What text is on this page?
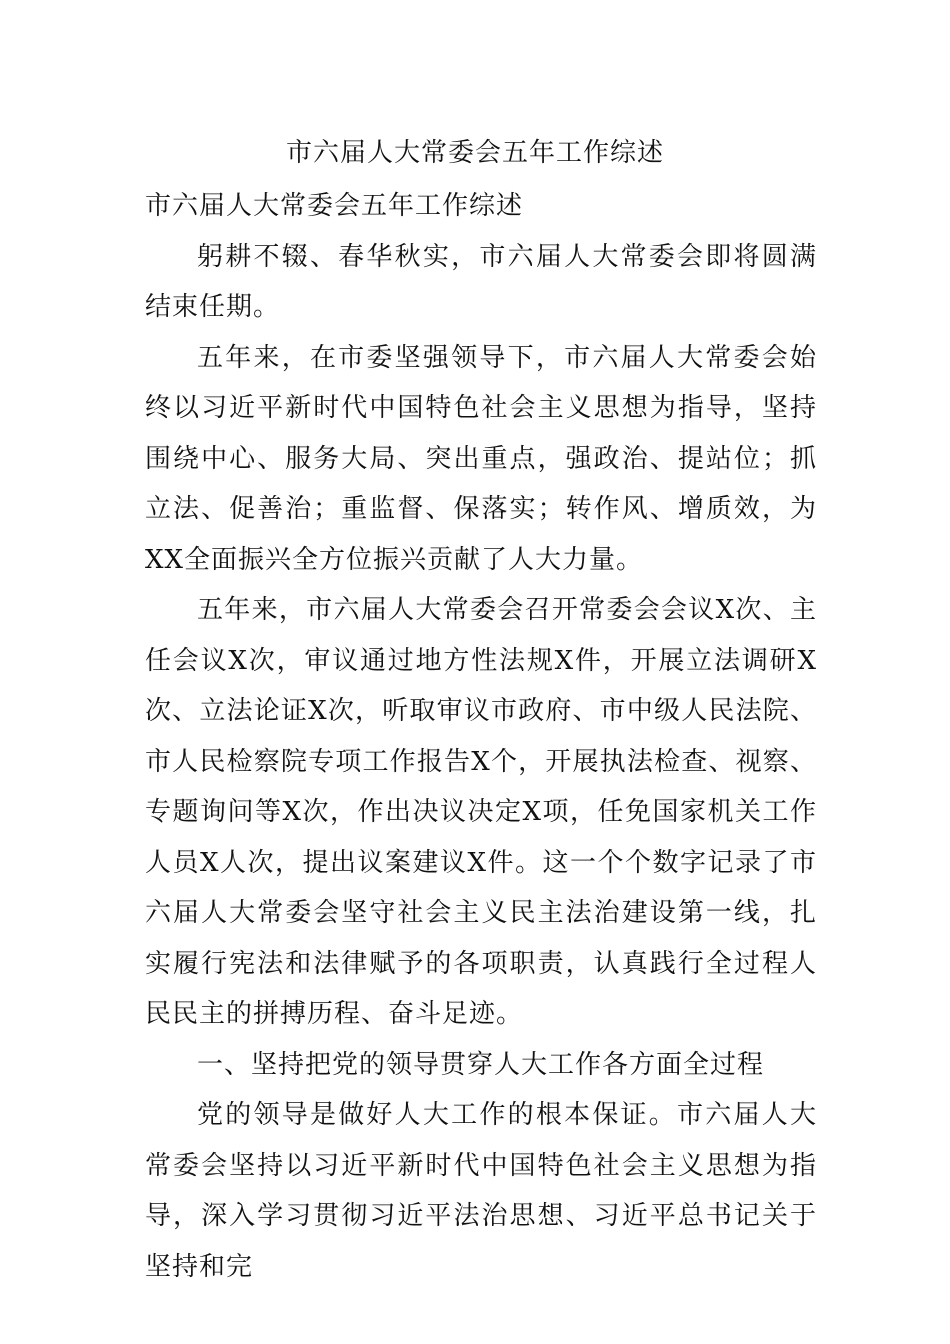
市六届人大常委会五年工作综述

市六届人大常委会五年工作综述

躬耕不辍、春华秋实，市六届人大常委会即将圆满结束任期。

五年来，在市委坚强领导下，市六届人大常委会始终以习近平新时代中国特色社会主义思想为指导，坚持围绕中心、服务大局、突出重点，强政治、提站位；抓立法、促善治；重监督、保落实；转作风、增质效，为XX全面振兴全方位振兴贡献了人大力量。

五年来，市六届人大常委会召开常委会会议X次、主任会议X次，审议通过地方性法规X件，开展立法调研X次、立法论证X次，听取审议市政府、市中级人民法院、市人民检察院专项工作报告X个，开展执法检查、视察、专题询问等X次，作出决议决定X项，任免国家机关工作人员X人次，提出议案建议X件。这一个个数字记录了市六届人大常委会坚守社会主义民主法治建设第一线，扎实履行宪法和法律赋予的各项职责，认真践行全过程人民民主的拼搏历程、奋斗足迹。

一、坚持把党的领导贯穿人大工作各方面全过程

党的领导是做好人大工作的根本保证。市六届人大常委会坚持以习近平新时代中国特色社会主义思想为指导，深入学习贯彻习近平法治思想、习近平总书记关于坚持和完
